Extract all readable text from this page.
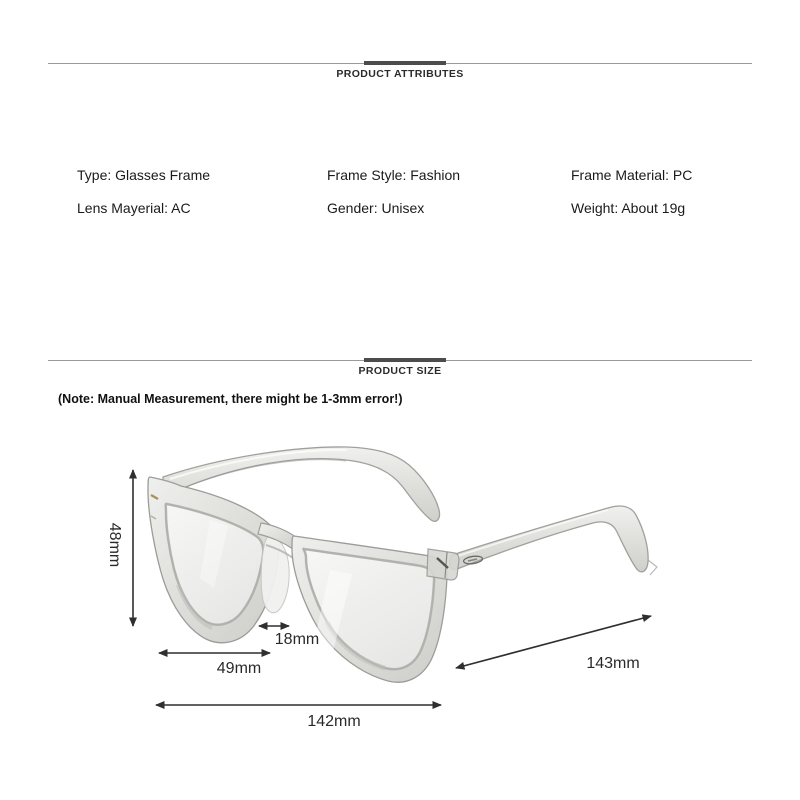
PRODUCT ATTRIBUTES
Type: Glasses Frame	Frame Style: Fashion	Frame Material: PC
Lens Mayerial: AC	Gender: Unisex	Weight: About 19g
PRODUCT SIZE
(Note: Manual Measurement, there might be 1-3mm error!)
48mm
18mm
49mm
142mm
143mm
